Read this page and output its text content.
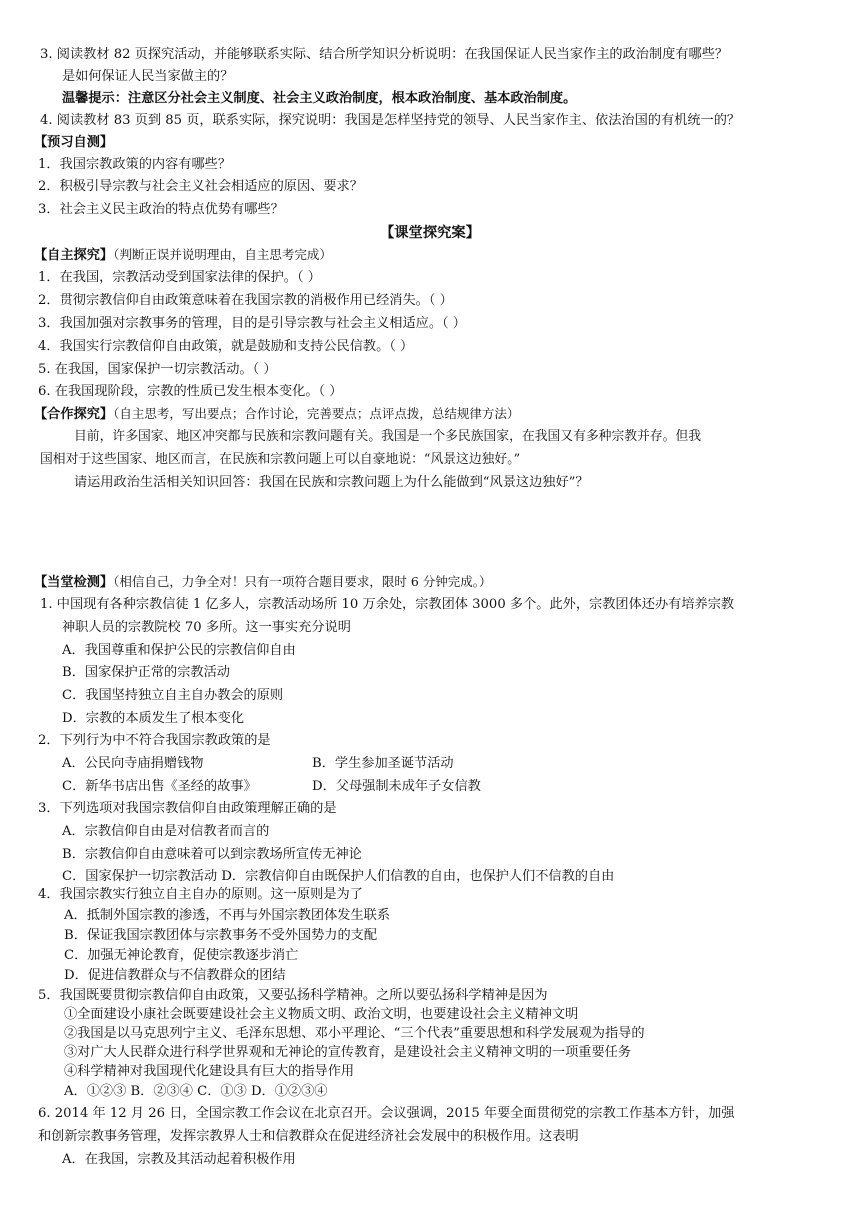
3. 阅读教材 82 页探究活动，并能够联系实际、结合所学知识分析说明：在我国保证人民当家作主的政治制度有哪些？
是如何保证人民当家做主的？
温馨提示：注意区分社会主义制度、社会主义政治制度，根本政治制度、基本政治制度。
4. 阅读教材 83 页到 85 页，联系实际，探究说明：我国是怎样坚持党的领导、人民当家作主、依法治国的有机统一的？
【预习自测】
1．我国宗教政策的内容有哪些？
2．积极引导宗教与社会主义社会相适应的原因、要求？
3．社会主义民主政治的特点优势有哪些？
【课堂探究案】
【自主探究】（判断正误并说明理由，自主思考完成）
1．在我国，宗教活动受到国家法律的保护。（ ）
2．贯彻宗教信仰自由政策意味着在我国宗教的消极作用已经消失。（ ）
3．我国加强对宗教事务的管理，目的是引导宗教与社会主义相适应。（ ）
4．我国实行宗教信仰自由政策，就是鼓励和支持公民信教。（ ）
5. 在我国，国家保护一切宗教活动。（ ）
6. 在我国现阶段，宗教的性质已发生根本变化。（ ）
【合作探究】（自主思考，写出要点；合作讨论，完善要点；点评点拨，总结规律方法）
目前，许多国家、地区冲突都与民族和宗教问题有关。我国是一个多民族国家，在我国又有多种宗教并存。但我
国相对于这些国家、地区而言，在民族和宗教问题上可以自豪地说：“风景这边独好。”
请运用政治生活相关知识回答：我国在民族和宗教问题上为什么能做到“风景这边独好”？
【当堂检测】（相信自己，力争全对！只有一项符合题目要求，限时 6 分钟完成。）
1. 中国现有各种宗教信徒 1 亿多人，宗教活动场所 10 万余处，宗教团体 3000 多个。此外，宗教团体还办有培养宗教
神职人员的宗教院校 70 多所。这一事实充分说明
A．我国尊重和保护公民的宗教信仰自由
B．国家保护正常的宗教活动
C．我国坚持独立自主自办教会的原则
D．宗教的本质发生了根本变化
2．下列行为中不符合我国宗教政策的是
A．公民向寺庙捐赠钱物	B．学生参加圣诞节活动
C．新华书店出售《圣经的故事》	D．父母强制未成年子女信教
3．下列选项对我国宗教信仰自由政策理解正确的是
A．宗教信仰自由是对信教者而言的
B．宗教信仰自由意味着可以到宗教场所宣传无神论
C．国家保护一切宗教活动 D．宗教信仰自由既保护人们信教的自由，也保护人们不信教的自由
4．我国宗教实行独立自主自办的原则。这一原则是为了
A．抵制外国宗教的渗透，不再与外国宗教团体发生联系
B．保证我国宗教团体与宗教事务不受外国势力的支配
C．加强无神论教育，促使宗教逐步消亡
D．促进信教群众与不信教群众的团结
5．我国既要贯彻宗教信仰自由政策，又要弘扬科学精神。之所以要弘扬科学精神是因为
①全面建设小康社会既要建设社会主义物质文明、政治文明，也要建设社会主义精神文明
②我国是以马克思列宁主义、毛泽东思想、邓小平理论、“三个代表”重要思想和科学发展观为指导的
③对广大人民群众进行科学世界观和无神论的宣传教育，是建设社会主义精神文明的一项重要任务
④科学精神对我国现代化建设具有巨大的指导作用
A．①②③ B．②③④ C．①③ D．①②③④
6. 2014 年 12 月 26 日，全国宗教工作会议在北京召开。会议强调，2015 年要全面贯彻党的宗教工作基本方针，加强
和创新宗教事务管理，发挥宗教界人士和信教群众在促进经济社会发展中的积极作用。这表明
A．在我国，宗教及其活动起着积极作用
